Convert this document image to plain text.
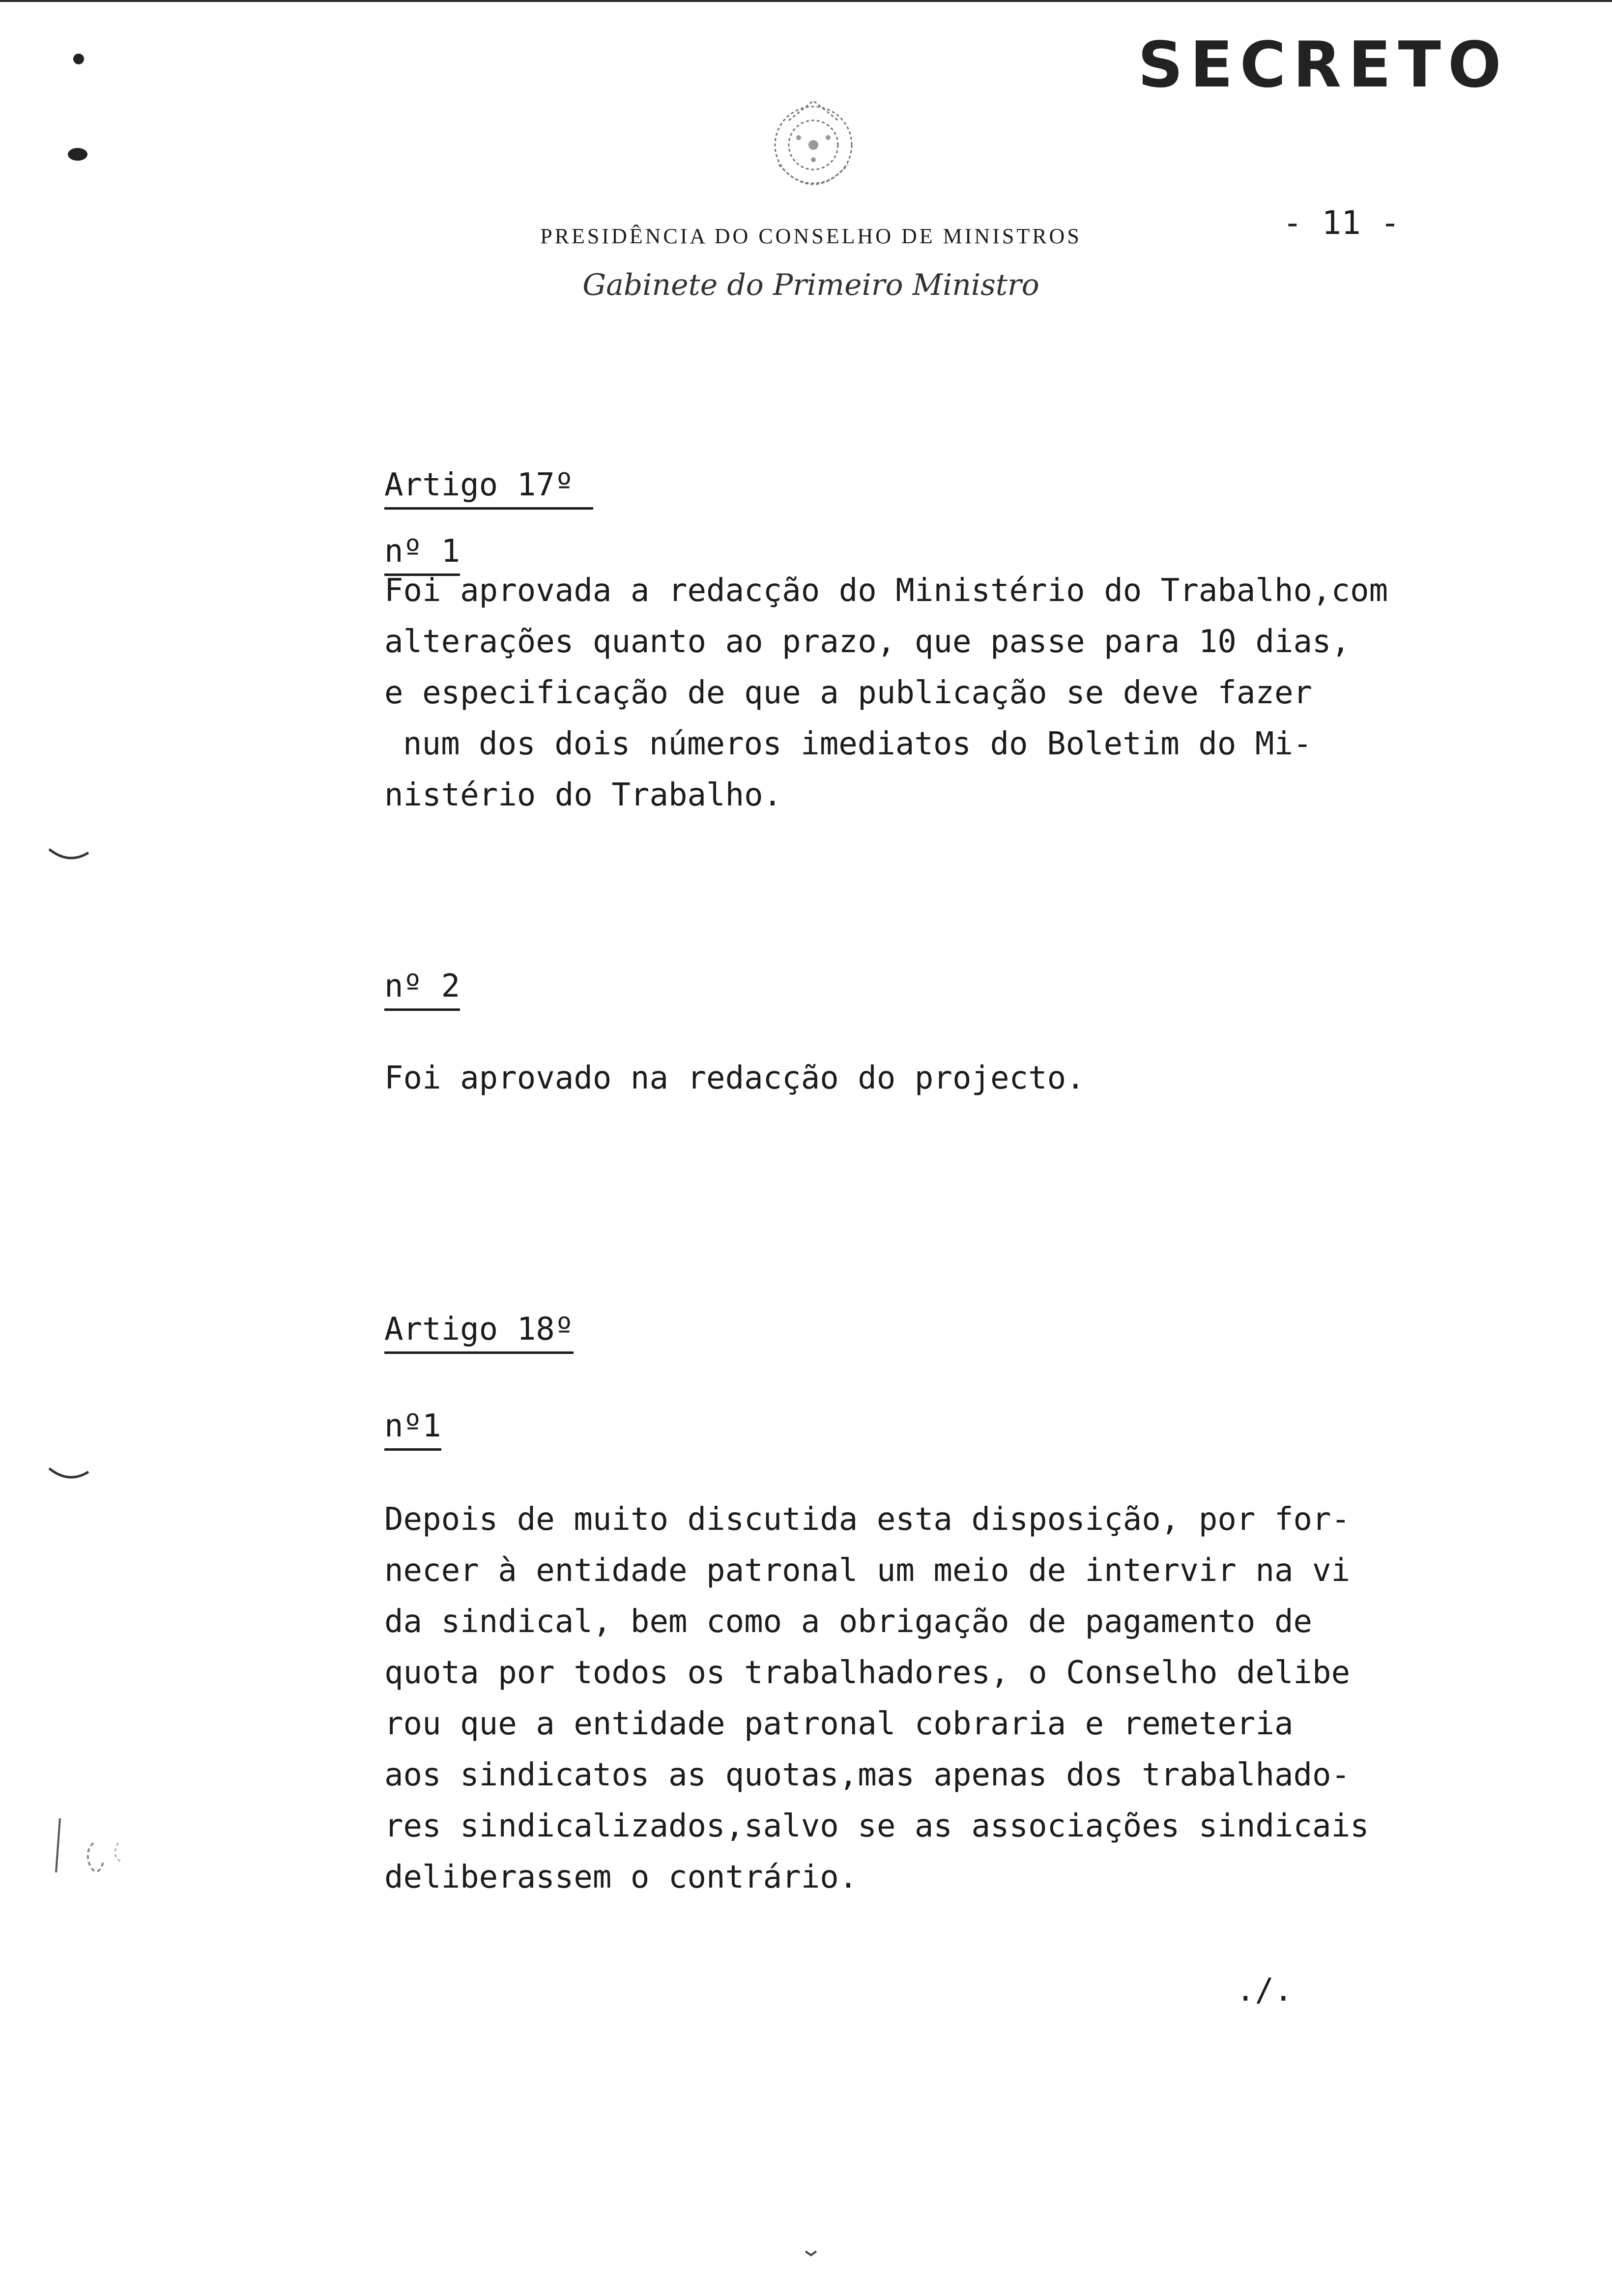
SECRETO
- 11 -
PRESIDÊNCIA DO CONSELHO DE MINISTROS
Gabinete do Primeiro Ministro
Artigo 17º
nº 1
Foi aprovada a redacção do Ministério do Trabalho,com
alterações quanto ao prazo, que passe para 10 dias,
e especificação de que a publicação se deve fazer
num dos dois números imediatos do Boletim do Mi-
nistério do Trabalho.
nº 2
Foi aprovado na redacção do projecto.
Artigo 18º
nº1
Depois de muito discutida esta disposição, por for-
necer à entidade patronal um meio de intervir na vi
da sindical, bem como a obrigação de pagamento de
quota por todos os trabalhadores, o Conselho delibe
rou que a entidade patronal cobraria e remeteria
aos sindicatos as quotas,mas apenas dos trabalhado-
res sindicalizados,salvo se as associações sindicais
deliberassem o contrário.
./.
